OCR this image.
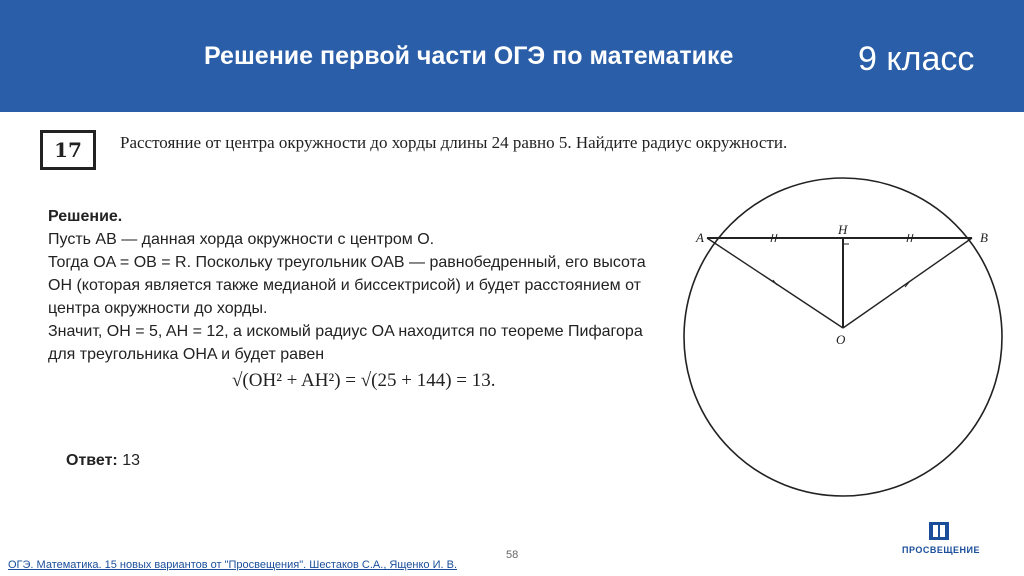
Решение первой части ОГЭ по математике	9 класс
17	Расстояние от центра окружности до хорды длины 24 равно 5. Найдите радиус окружности.
Решение.
Пусть AB — данная хорда окружности с центром O.
Тогда OA = OB = R. Поскольку треугольник OAB — равнобедренный, его высота OH (которая является также медианой и биссектрисой) и будет расстоянием от центра окружности до хорды.
Значит, OH = 5, AH = 12, а искомый радиус OA находится по теореме Пифагора для треугольника OHA и будет равен
√(OH² + AH²) = √(25 + 144) = 13.
Ответ: 13
A	B
H
O
58
ОГЭ. Математика. 15 новых вариантов от "Просвещения". Шестаков С.А., Ященко И. В.
ПРОСВЕЩЕНИЕ
